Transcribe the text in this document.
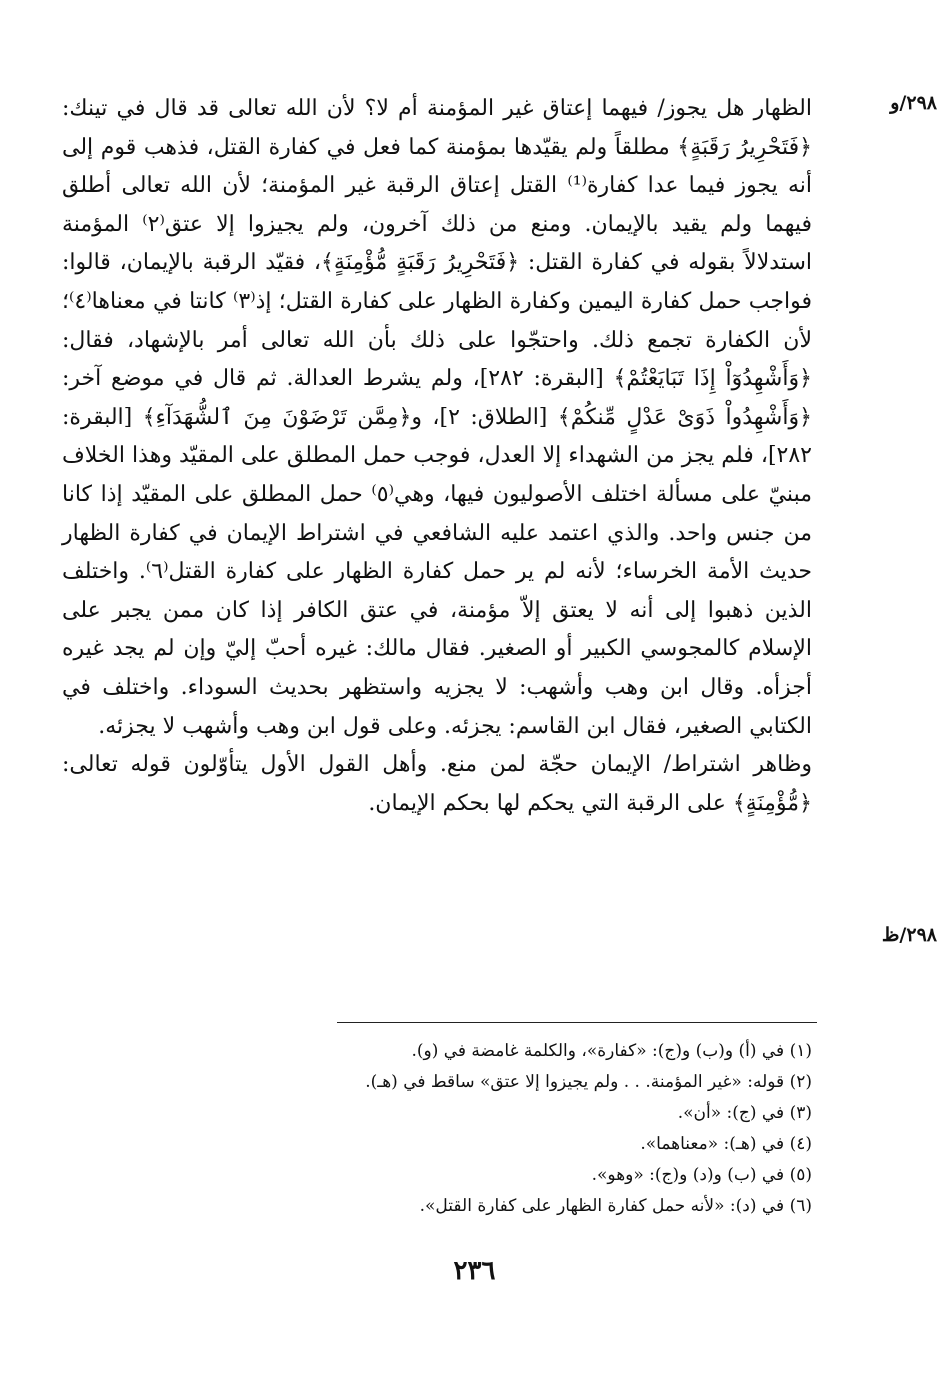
٢٩٨/و
٢٩٨/ظ

الظهار هل يجوز/ فيهما إعتاق غير المؤمنة أم لا؟ لأن الله تعالى قد قال في تينك: ﴿فَتَحْرِيرُ رَقَبَةٍ﴾ مطلقاً ولم يقيّدها بمؤمنة كما فعل في كفارة القتل، فذهب قوم إلى أنه يجوز فيما عدا كفارة⁽¹⁾ القتل إعتاق الرقبة غير المؤمنة؛ لأن الله تعالى أطلق فيهما ولم يقيد بالإيمان. ومنع من ذلك آخرون، ولم يجيزوا إلا عتق⁽٢⁾ المؤمنة استدلالاً بقوله في كفارة القتل: ﴿فَتَحْرِيرُ رَقَبَةٍ مُّؤْمِنَةٍ﴾، فقيّد الرقبة بالإيمان، قالوا: فواجب حمل كفارة اليمين وكفارة الظهار على كفارة القتل؛ إذ⁽٣⁾ كانتا في معناها⁽٤⁾؛ لأن الكفارة تجمع ذلك. واحتجّوا على ذلك بأن الله تعالى أمر بالإشهاد، فقال: ﴿وَأَشْهِدُوٓاْ إِذَا تَبَايَعْتُمْ﴾ [البقرة: ٢٨٢]، ولم يشرط العدالة. ثم قال في موضع آخر: ﴿وَأَشْهِدُواْ ذَوَىْ عَدْلٍ مِّنكُمْ﴾ [الطلاق: ٢]، و﴿مِمَّن تَرْضَوْنَ مِنَ ٱلشُّهَدَآءِ﴾ [البقرة: ٢٨٢]، فلم يجز من الشهداء إلا العدل، فوجب حمل المطلق على المقيّد وهذا الخلاف مبنيّ على مسألة اختلف الأصوليون فيها، وهي⁽٥⁾ حمل المطلق على المقيّد إذا كانا من جنس واحد. والذي اعتمد عليه الشافعي في اشتراط الإيمان في كفارة الظهار حديث الأمة الخرساء؛ لأنه لم ير حمل كفارة الظهار على كفارة القتل⁽٦⁾. واختلف الذين ذهبوا إلى أنه لا يعتق إلاّ مؤمنة، في عتق الكافر إذا كان ممن يجبر على الإسلام كالمجوسي الكبير أو الصغير. فقال مالك: غيره أحبّ إليّ وإن لم يجد غيره أجزأه. وقال ابن وهب وأشهب: لا يجزيه واستظهر بحديث السوداء. واختلف في الكتابي الصغير، فقال ابن القاسم: يجزئه. وعلى قول ابن وهب وأشهب لا يجزئه.

وظاهر اشتراط/ الإيمان حجّة لمن منع. وأهل القول الأول يتأوّلون قوله تعالى: ﴿مُّؤْمِنَةٍ﴾ على الرقبة التي يحكم لها بحكم الإيمان.

(١) في (أ) و(ب) و(ج): «كفارة»، والكلمة غامضة في (و).
(٢) قوله: «غير المؤمنة. . . ولم يجيزوا إلا عتق» ساقط في (هـ).
(٣) في (ج): «أن».
(٤) في (هـ): «معناهما».
(٥) في (ب) و(د) و(ج): «وهو».
(٦) في (د): «لأنه حمل كفارة الظهار على كفارة القتل».
٢٣٦
